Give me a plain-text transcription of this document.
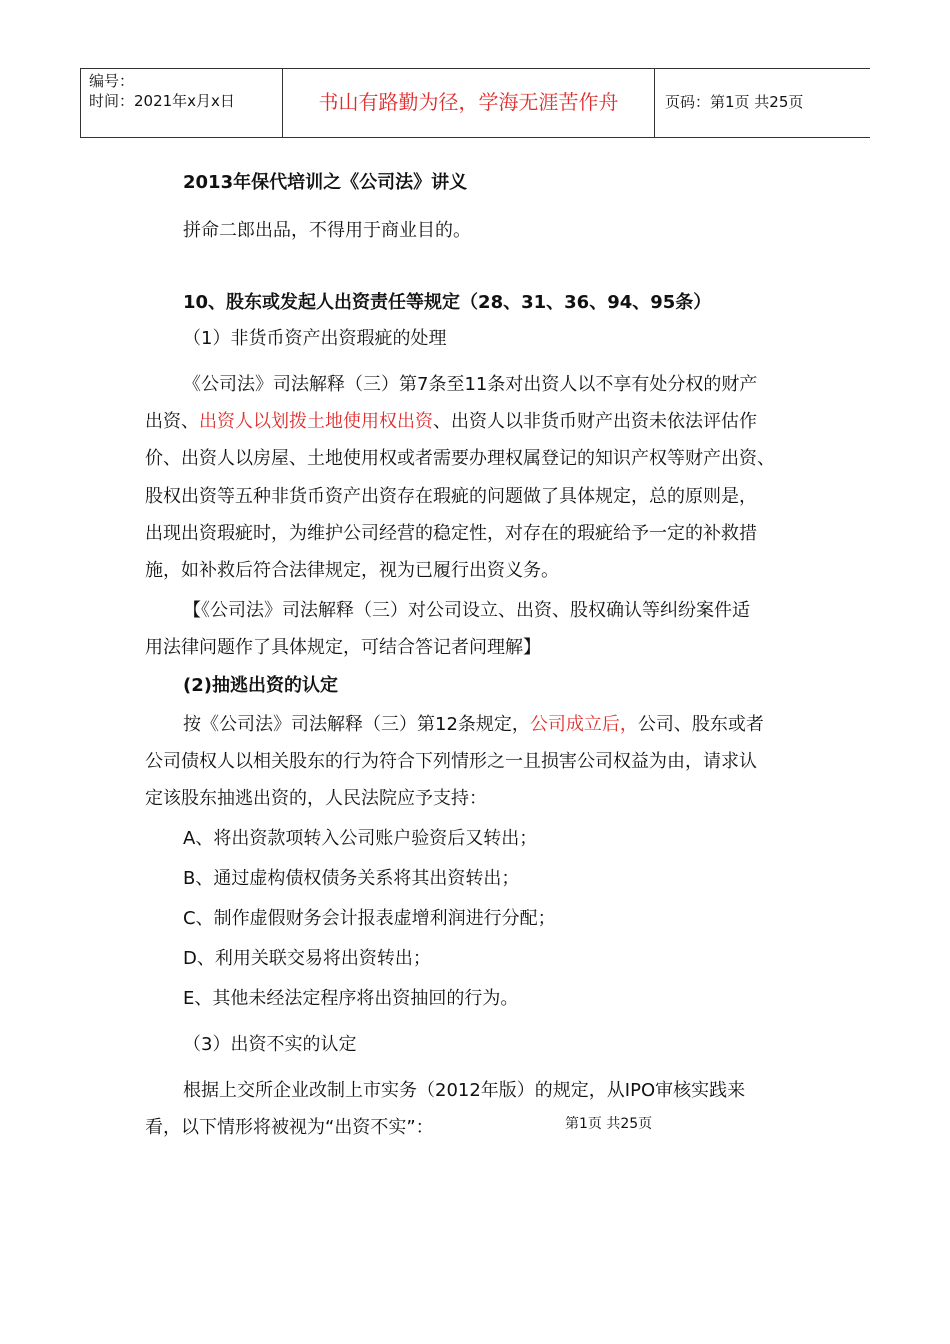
编号：
时间：2021年x月x日	书山有路勤为径，学海无涯苦作舟	页码：第1页 共25页
2013年保代培训之《公司法》讲义
拼命二郎出品，不得用于商业目的。
10、股东或发起人出资责任等规定（28、31、36、94、95条）
（1）非货币资产出资瑕疵的处理
《公司法》司法解释（三）第7条至11条对出资人以不享有处分权的财产
出资、出资人以划拨土地使用权出资、出资人以非货币财产出资未依法评估作
价、出资人以房屋、土地使用权或者需要办理权属登记的知识产权等财产出资、
股权出资等五种非货币资产出资存在瑕疵的问题做了具体规定，总的原则是，
出现出资瑕疵时，为维护公司经营的稳定性，对存在的瑕疵给予一定的补救措
施，如补救后符合法律规定，视为已履行出资义务。
【《公司法》司法解释（三）对公司设立、出资、股权确认等纠纷案件适
用法律问题作了具体规定，可结合答记者问理解】
(2)抽逃出资的认定
按《公司法》司法解释（三）第12条规定，公司成立后，公司、股东或者
公司债权人以相关股东的行为符合下列情形之一且损害公司权益为由，请求认
定该股东抽逃出资的，人民法院应予支持：
A、将出资款项转入公司账户验资后又转出；
B、通过虚构债权债务关系将其出资转出；
C、制作虚假财务会计报表虚增利润进行分配；
D、利用关联交易将出资转出；
E、其他未经法定程序将出资抽回的行为。
（3）出资不实的认定
根据上交所企业改制上市实务（2012年版）的规定，从IPO审核实践来
看，以下情形将被视为“出资不实”：	第1页 共25页
